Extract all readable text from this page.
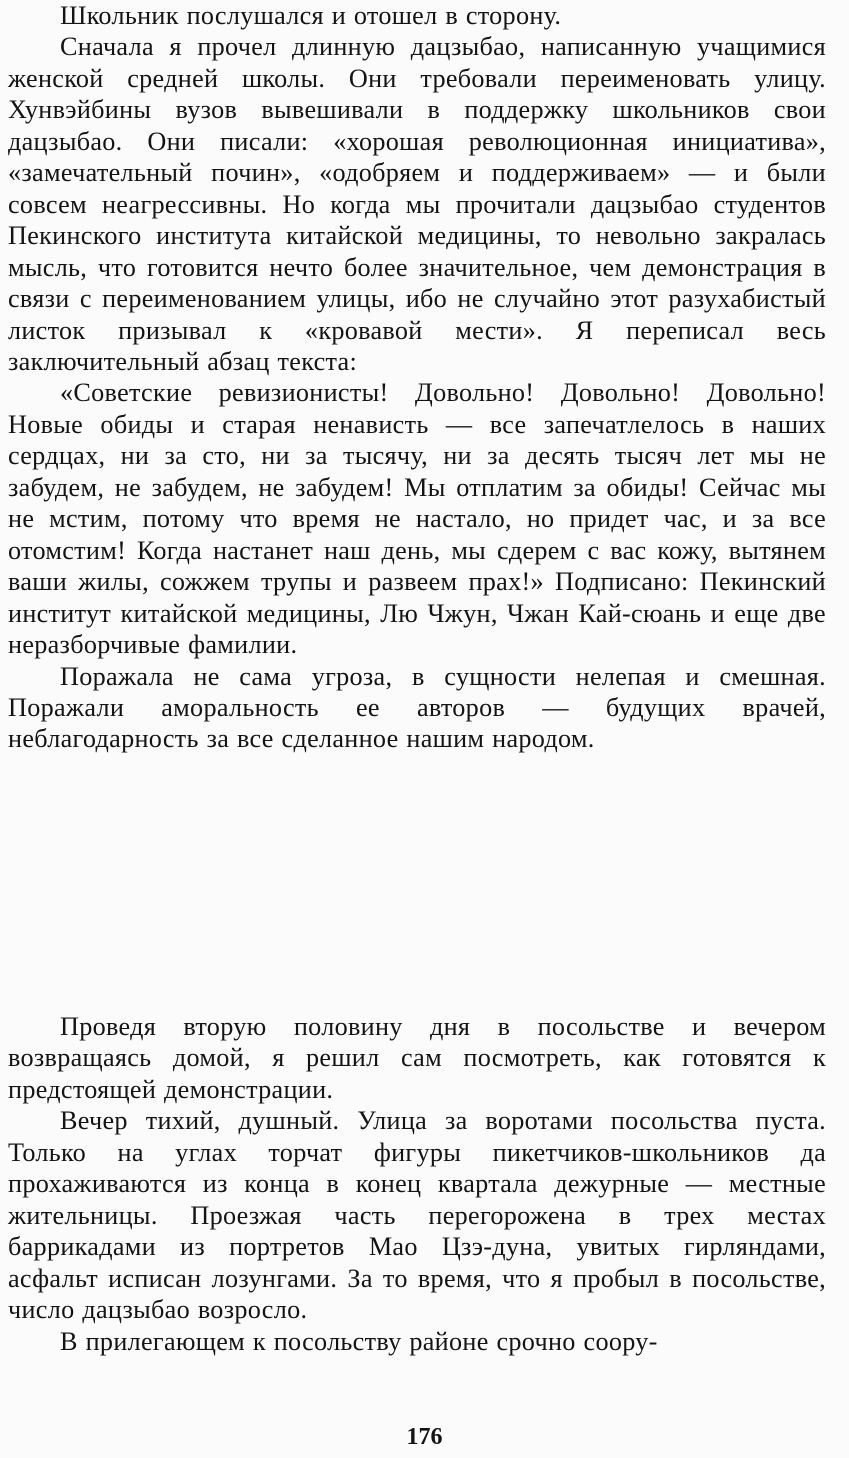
Школьник послушался и отошел в сторону.

Сначала я прочел длинную дацзыбао, написанную учащимися женской средней школы. Они требовали переименовать улицу. Хунвэйбины вузов вывешивали в поддержку школьников свои дацзыбао. Они писали: «хорошая революционная инициатива», «замечательный почин», «одобряем и поддерживаем» — и были совсем неагрессивны. Но когда мы прочитали дацзыбао студентов Пекинского института китайской медицины, то невольно закралась мысль, что готовится нечто более значительное, чем демонстрация в связи с переименованием улицы, ибо не случайно этот разухабистый листок призывал к «кровавой мести». Я переписал весь заключительный абзац текста:

«Советские ревизионисты! Довольно! Довольно! Довольно! Новые обиды и старая ненависть — все запечатлелось в наших сердцах, ни за сто, ни за тысячу, ни за десять тысяч лет мы не забудем, не забудем, не забудем! Мы отплатим за обиды! Сейчас мы не мстим, потому что время не настало, но придет час, и за все отомстим! Когда настанет наш день, мы сдерем с вас кожу, вытянем ваши жилы, сожжем трупы и развеем прах!» Подписано: Пекинский институт китайской медицины, Лю Чжун, Чжан Кай-сюань и еще две неразборчивые фамилии.

Поражала не сама угроза, в сущности нелепая и смешная. Поражали аморальность ее авторов — будущих врачей, неблагодарность за все сделанное нашим народом.

Проведя вторую половину дня в посольстве и вечером возвращаясь домой, я решил сам посмотреть, как готовятся к предстоящей демонстрации.

Вечер тихий, душный. Улица за воротами посольства пуста. Только на углах торчат фигуры пикетчиков-школьников да прохаживаются из конца в конец квартала дежурные — местные жительницы. Проезжая часть перегорожена в трех местах баррикадами из портретов Мао Цзэ-дуна, увитых гирляндами, асфальт исписан лозунгами. За то время, что я пробыл в посольстве, число дацзыбао возросло.

В прилегающем к посольству районе срочно соору-

176
